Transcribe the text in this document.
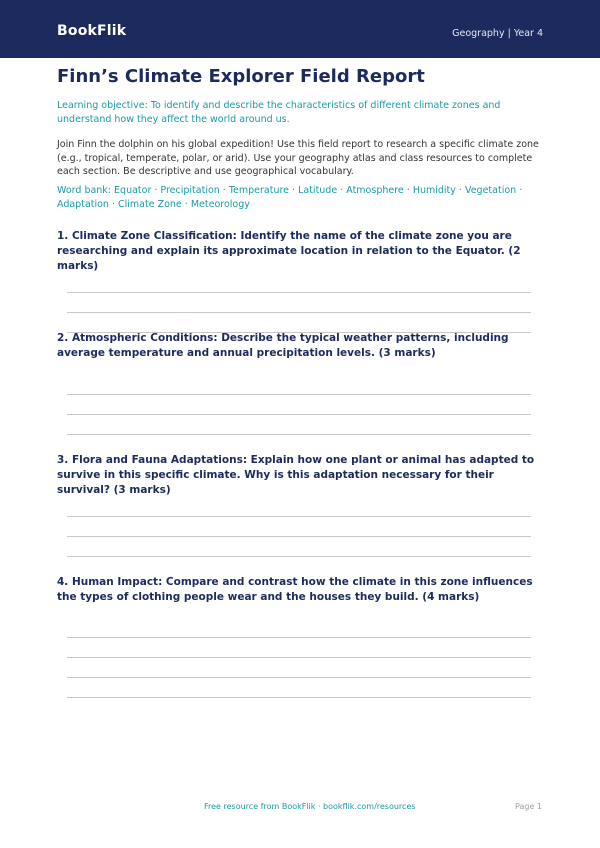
BookFlik	Geography | Year 4
Finn’s Climate Explorer Field Report
Learning objective: To identify and describe the characteristics of different climate zones and understand how they affect the world around us.
Join Finn the dolphin on his global expedition! Use this field report to research a specific climate zone (e.g., tropical, temperate, polar, or arid). Use your geography atlas and class resources to complete each section. Be descriptive and use geographical vocabulary.
Word bank: Equator · Precipitation · Temperature · Latitude · Atmosphere · Humidity · Vegetation · Adaptation · Climate Zone · Meteorology
1. Climate Zone Classification: Identify the name of the climate zone you are researching and explain its approximate location in relation to the Equator. (2 marks)
2. Atmospheric Conditions: Describe the typical weather patterns, including average temperature and annual precipitation levels. (3 marks)
3. Flora and Fauna Adaptations: Explain how one plant or animal has adapted to survive in this specific climate. Why is this adaptation necessary for their survival? (3 marks)
4. Human Impact: Compare and contrast how the climate in this zone influences the types of clothing people wear and the houses they build. (4 marks)
Free resource from BookFlik · bookflik.com/resources	Page 1
